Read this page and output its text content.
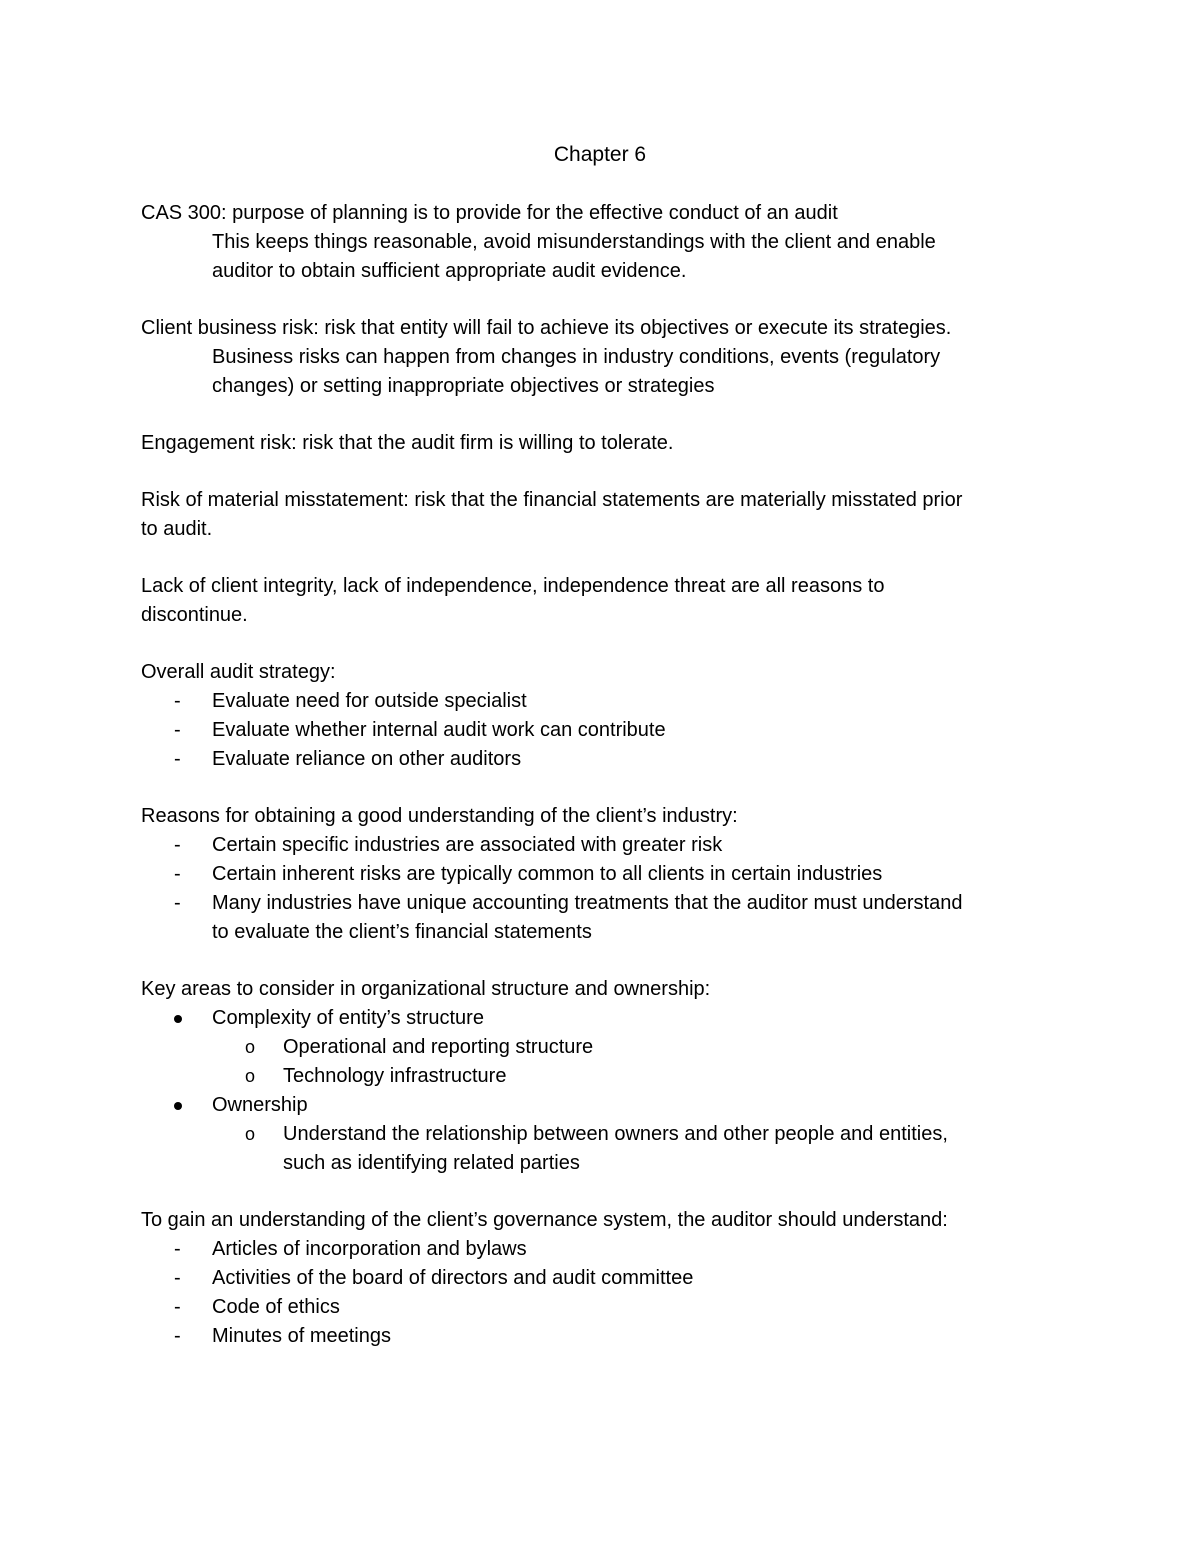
Chapter 6
CAS 300: purpose of planning is to provide for the effective conduct of an audit
This keeps things reasonable, avoid misunderstandings with the client and enable
auditor to obtain sufficient appropriate audit evidence.
Client business risk: risk that entity will fail to achieve its objectives or execute its strategies.
Business risks can happen from changes in industry conditions, events (regulatory
changes) or setting inappropriate objectives or strategies
Engagement risk: risk that the audit firm is willing to tolerate.
Risk of material misstatement: risk that the financial statements are materially misstated prior
to audit.
Lack of client integrity, lack of independence, independence threat are all reasons to
discontinue.
Overall audit strategy:
- Evaluate need for outside specialist
- Evaluate whether internal audit work can contribute
- Evaluate reliance on other auditors
Reasons for obtaining a good understanding of the client’s industry:
- Certain specific industries are associated with greater risk
- Certain inherent risks are typically common to all clients in certain industries
- Many industries have unique accounting treatments that the auditor must understand
to evaluate the client’s financial statements
Key areas to consider in organizational structure and ownership:
Complexity of entity’s structure
o Operational and reporting structure
o Technology infrastructure
Ownership
o Understand the relationship between owners and other people and entities,
such as identifying related parties
To gain an understanding of the client’s governance system, the auditor should understand:
- Articles of incorporation and bylaws
- Activities of the board of directors and audit committee
- Code of ethics
- Minutes of meetings
